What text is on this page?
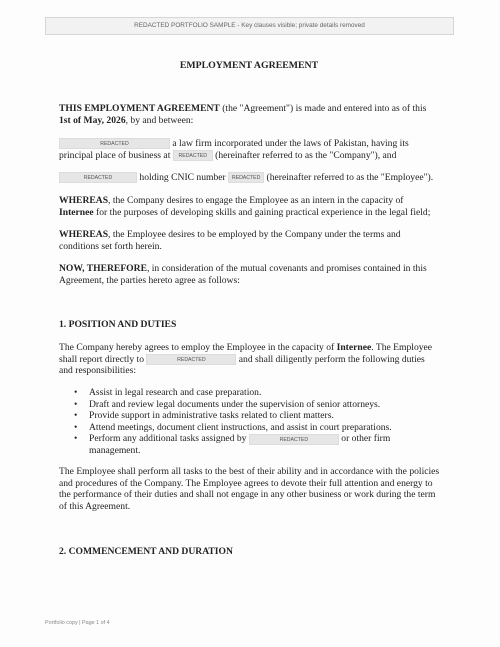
REDACTED PORTFOLIO SAMPLE - Key clauses visible; private details removed
EMPLOYMENT AGREEMENT

THIS EMPLOYMENT AGREEMENT (the "Agreement") is made and entered into as of this
1st of May, 2026, by and between:

REDACTED	a law firm incorporated under the laws of Pakistan, having its
principal place of business at REDACTED (hereinafter referred to as the "Company"), and

REDACTED	holding CNIC number REDACTED (hereinafter referred to as the "Employee").

WHEREAS, the Company desires to engage the Employee as an intern in the capacity of
Internee for the purposes of developing skills and gaining practical experience in the legal field;

WHEREAS, the Employee desires to be employed by the Company under the terms and conditions set forth herein.

NOW, THEREFORE, in consideration of the mutual covenants and promises contained in this Agreement, the parties hereto agree as follows:

1. POSITION AND DUTIES

The Company hereby agrees to employ the Employee in the capacity of Internee. The Employee
shall report directly to	REDACTED	and shall diligently perform the following duties
and responsibilities:

• Assist in legal research and case preparation.
• Draft and review legal documents under the supervision of senior attorneys.
• Provide support in administrative tasks related to client matters.
• Attend meetings, document client instructions, and assist in court preparations.
• Perform any additional tasks assigned by	REDACTED	or other firm
management.

The Employee shall perform all tasks to the best of their ability and in accordance with the policies and procedures of the Company. The Employee agrees to devote their full attention and energy to the performance of their duties and shall not engage in any other business or work during the term of this Agreement.

2. COMMENCEMENT AND DURATION
Portfolio copy | Page 1 of 4
